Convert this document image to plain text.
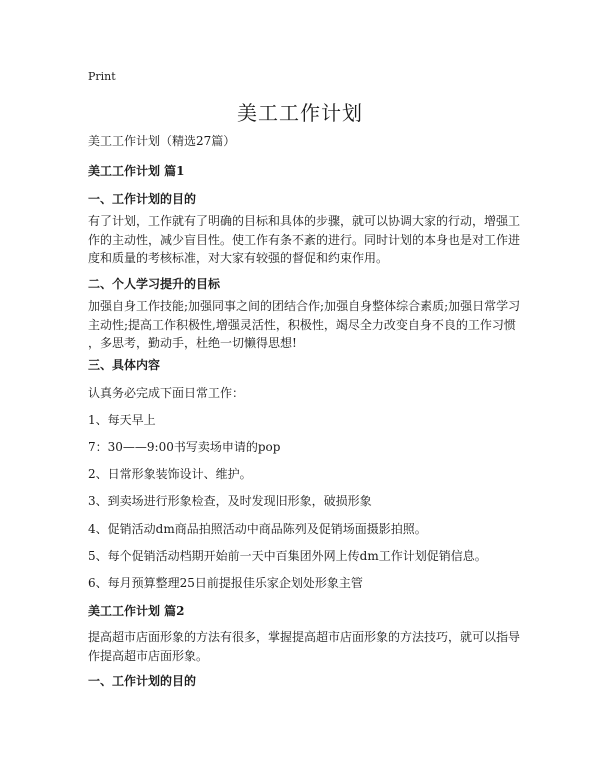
Print
美工工作计划

美工工作计划（精选27篇）

美工工作计划 篇1

一、工作计划的目的

有了计划，工作就有了明确的目标和具体的步骤，就可以协调大家的行动，增强工

作的主动性，减少盲目性。使工作有条不紊的进行。同时计划的本身也是对工作进

度和质量的考核标准，对大家有较强的督促和约束作用。

二、个人学习提升的目标

加强自身工作技能;加强同事之间的团结合作;加强自身整体综合素质;加强日常学习

主动性;提高工作积极性,增强灵活性，积极性，竭尽全力改变自身不良的工作习惯

，多思考，勤动手，杜绝一切懒得思想!

三、具体内容

认真务必完成下面日常工作：

1、每天早上

7：30——9:00书写卖场申请的pop

2、日常形象装饰设计、维护。

3、到卖场进行形象检查，及时发现旧形象，破损形象

4、促销活动dm商品拍照活动中商品陈列及促销场面摄影拍照。

5、每个促销活动档期开始前一天中百集团外网上传dm工作计划促销信息。

6、每月预算整理25日前提报佳乐家企划处形象主管

美工工作计划 篇2

提高超市店面形象的方法有很多，掌握提高超市店面形象的方法技巧，就可以指导

作提高超市店面形象。

一、工作计划的目的
